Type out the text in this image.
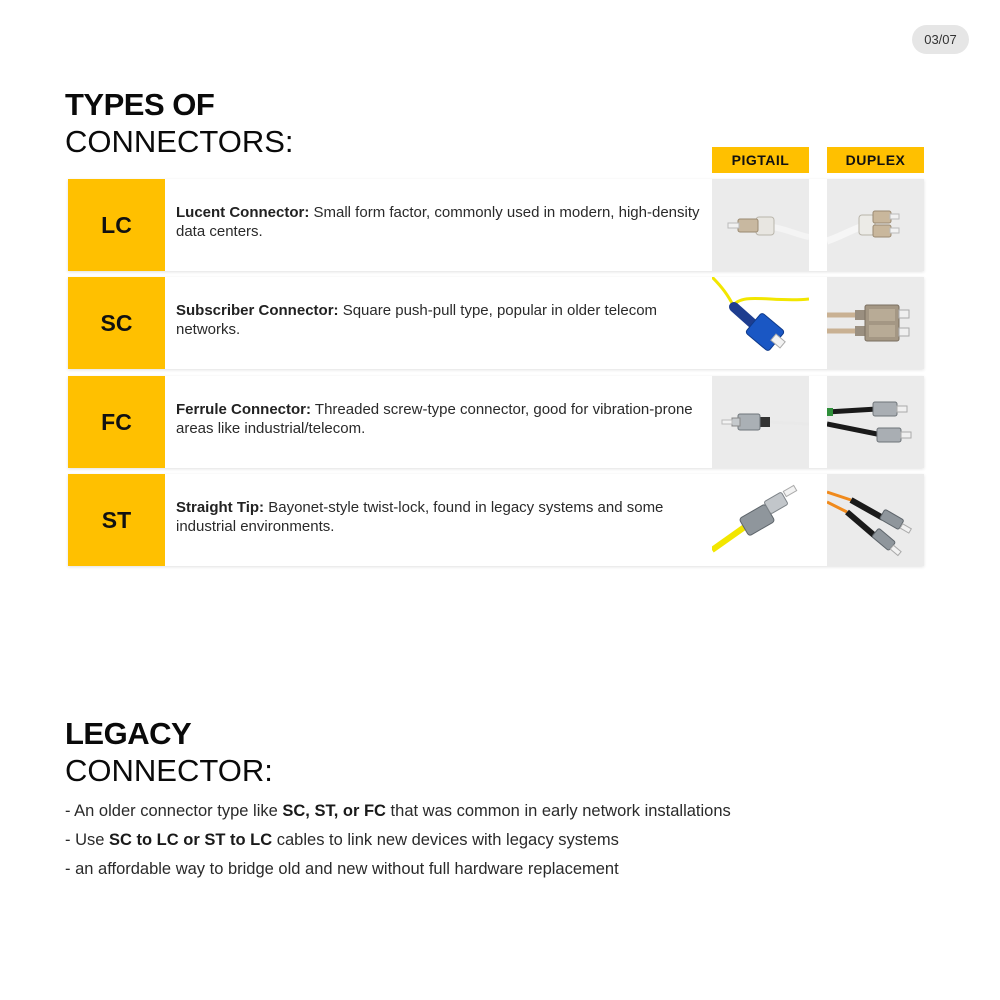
03/07
TYPES OF
CONNECTORS:
PIGTAIL	DUPLEX
LC	Lucent Connector: Small form factor, commonly used in modern, high-density data centers.

SC	Subscriber Connector: Square push-pull type, popular in older telecom networks.

FC	Ferrule Connector: Threaded screw-type connector, good for vibration-prone areas like industrial/telecom.

ST	Straight Tip: Bayonet-style twist-lock, found in legacy systems and some industrial environments.

LEGACY
CONNECTOR:

- An older connector type like SC, ST, or FC that was common in early network installations

- Use SC to LC or ST to LC cables to link new devices with legacy systems

- an affordable way to bridge old and new without full hardware replacement
